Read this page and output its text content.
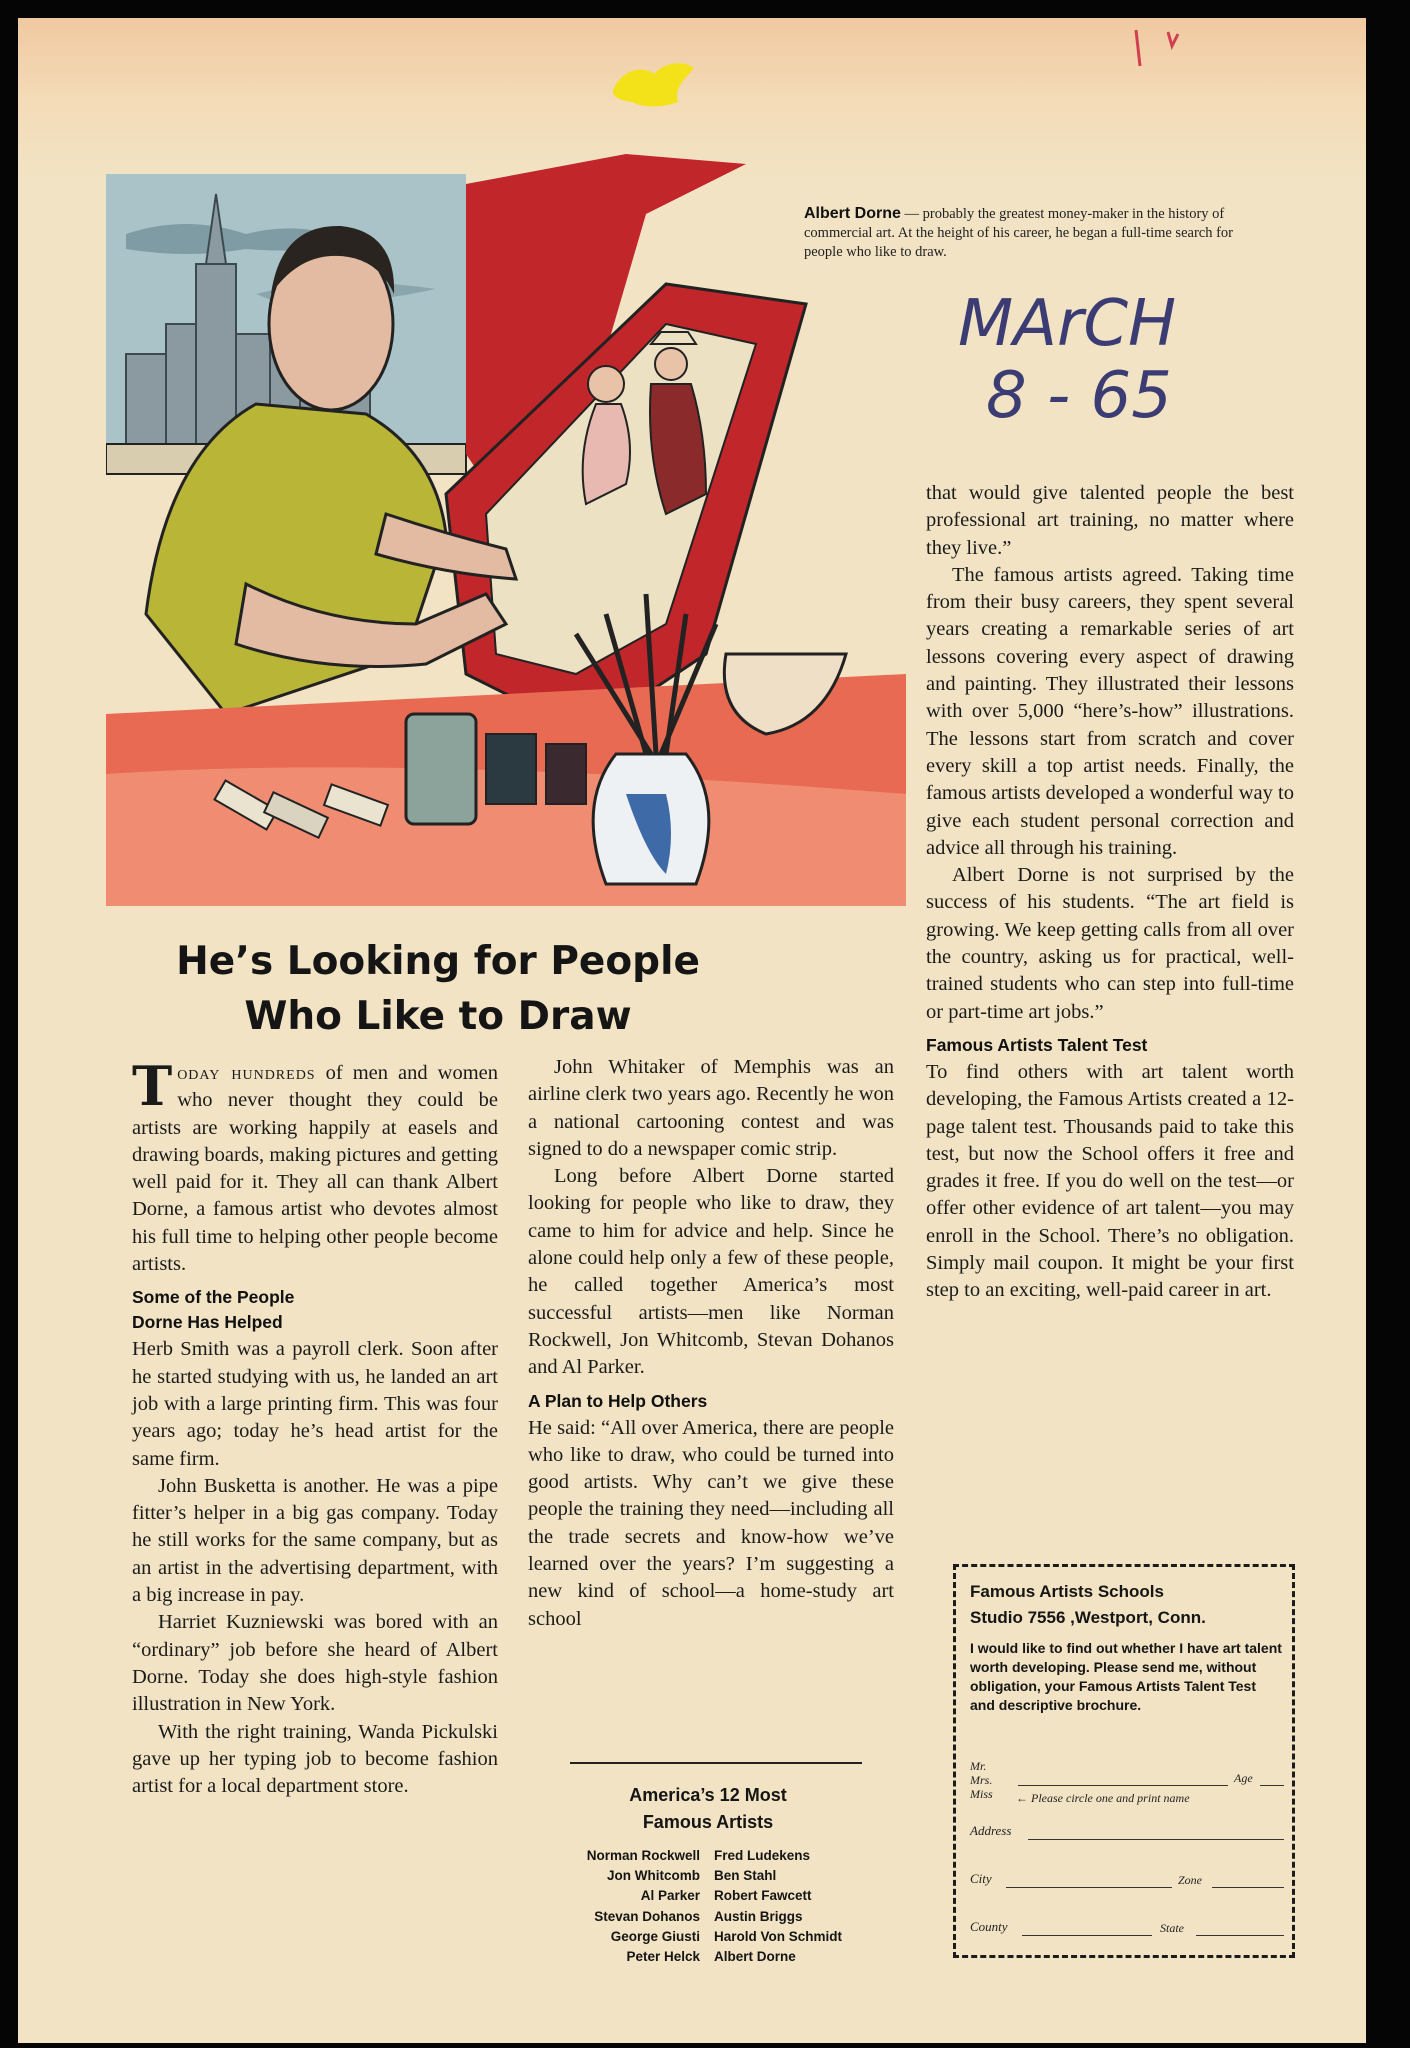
Albert Dorne — probably the greatest money-maker in the history of commercial art. At the height of his career, he began a full-time search for people who like to draw.
MArCH
8 - 65
He’s Looking for People
Who Like to Draw

Today hundreds of men and women who never thought they could be artists are working happily at easels and drawing boards, making pictures and getting well paid for it. They all can thank Albert Dorne, a famous artist who devotes almost his full time to helping other people become artists.

Some of the People
Dorne Has Helped

Herb Smith was a payroll clerk. Soon after he started studying with us, he landed an art job with a large printing firm. This was four years ago; today he’s head artist for the same firm.

John Busketta is another. He was a pipe fitter’s helper in a big gas company. Today he still works for the same company, but as an artist in the advertising department, with a big increase in pay.

Harriet Kuzniewski was bored with an “ordinary” job before she heard of Albert Dorne. Today she does high-style fashion illustration in New York.

With the right training, Wanda Pickulski gave up her typing job to become fashion artist for a local department store.

John Whitaker of Memphis was an airline clerk two years ago. Recently he won a national cartooning contest and was signed to do a newspaper comic strip.

Long before Albert Dorne started looking for people who like to draw, they came to him for advice and help. Since he alone could help only a few of these people, he called together America’s most successful artists—men like Norman Rockwell, Jon Whitcomb, Stevan Dohanos and Al Parker.

A Plan to Help Others

He said: “All over America, there are people who like to draw, who could be turned into good artists. Why can’t we give these people the training they need—including all the trade secrets and know-how we’ve learned over the years? I’m suggesting a new kind of school—a home-study art school

that would give talented people the best professional art training, no matter where they live.”

The famous artists agreed. Taking time from their busy careers, they spent several years creating a remarkable series of art lessons covering every aspect of drawing and painting. They illustrated their lessons with over 5,000 “here’s-how” illustrations. The lessons start from scratch and cover every skill a top artist needs. Finally, the famous artists developed a wonderful way to give each student personal correction and advice all through his training.

Albert Dorne is not surprised by the success of his students. “The art field is growing. We keep getting calls from all over the country, asking us for practical, well-trained students who can step into full-time or part-time art jobs.”

Famous Artists Talent Test

To find others with art talent worth developing, the Famous Artists created a 12-page talent test. Thousands paid to take this test, but now the School offers it free and grades it free. If you do well on the test—or offer other evidence of art talent—you may enroll in the School. There’s no obligation. Simply mail coupon. It might be your first step to an exciting, well-paid career in art.

America’s 12 Most
Famous Artists
Norman Rockwell	Fred Ludekens
Jon Whitcomb	Ben Stahl
Al Parker	Robert Fawcett
Stevan Dohanos	Austin Briggs
George Giusti	Harold Von Schmidt
Peter Helck	Albert Dorne
Famous Artists Schools
Studio 7556 ,Westport, Conn.
I would like to find out whether I have art talent worth developing. Please send me, without obligation, your Famous Artists Talent Test and descriptive brochure.
Mr.
Mrs.
Miss
Age
← Please circle one and print name
Address
City	Zone
County	State
